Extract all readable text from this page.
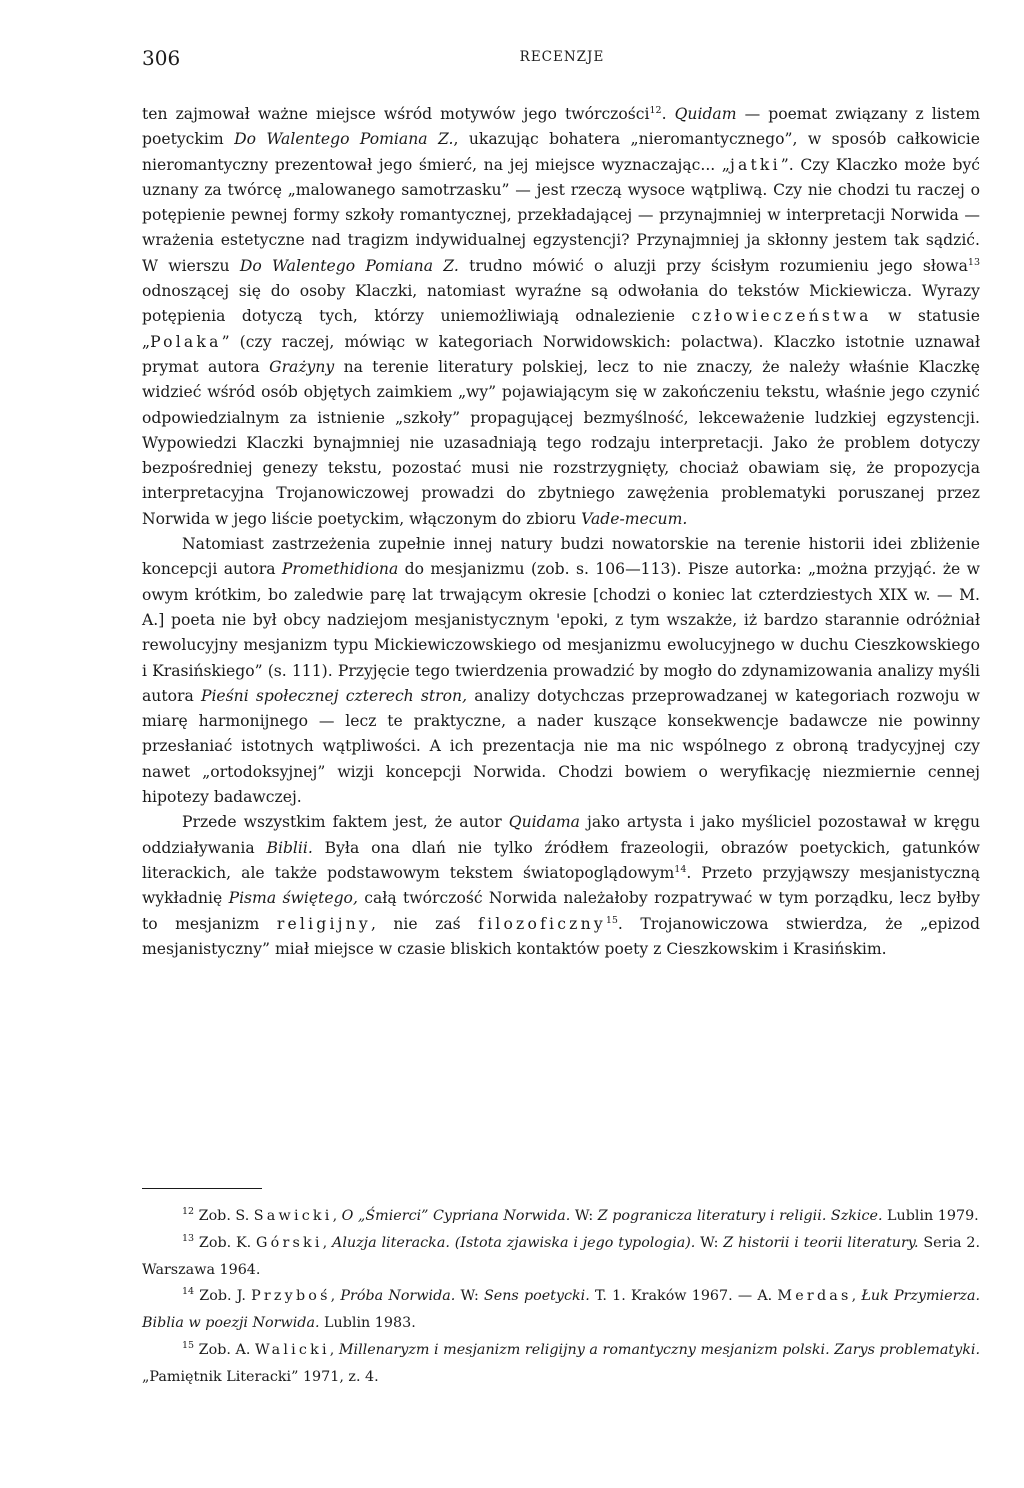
306	RECENZJE

ten zajmował ważne miejsce wśród motywów jego twórczości$^{12}$. Quidam — poemat związany z listem poetyckim Do Walentego Pomiana Z., ukazując bohatera „nieromantycznego”, w sposób całkowicie nieromantyczny prezentował jego śmierć, na jej miejsce wyznaczając... „jatki”. Czy Klaczko może być uznany za twórcę „malowanego samotrzasku” — jest rzeczą wysoce wątpliwą. Czy nie chodzi tu raczej o potępienie pewnej formy szkoły romantycznej, przekładającej — przynajmniej w interpretacji Norwida — wrażenia estetyczne nad tragizm indywidualnej egzystencji? Przynajmniej ja skłonny jestem tak sądzić. W wierszu Do Walentego Pomiana Z. trudno mówić o aluzji przy ścisłym rozumieniu jego słowa$^{13}$ odnoszącej się do osoby Klaczki, natomiast wyraźne są odwołania do tekstów Mickiewicza. Wyrazy potępienia dotyczą tych, którzy uniemożliwiają odnalezienie człowieczeństwa w statusie „Polaka” (czy raczej, mówiąc w kategoriach Norwidowskich: polactwa). Klaczko istotnie uznawał prymat autora Grażyny na terenie literatury polskiej, lecz to nie znaczy, że należy właśnie Klaczkę widzieć wśród osób objętych zaimkiem „wy” pojawiającym się w zakończeniu tekstu, właśnie jego czynić odpowiedzialnym za istnienie „szkoły” propagującej bezmyślność, lekceważenie ludzkiej egzystencji. Wypowiedzi Klaczki bynajmniej nie uzasadniają tego rodzaju interpretacji. Jako że problem dotyczy bezpośredniej genezy tekstu, pozostać musi nie rozstrzygnięty, chociaż obawiam się, że propozycja interpretacyjna Trojanowiczowej prowadzi do zbytniego zawężenia problematyki poruszanej przez Norwida w jego liście poetyckim, włączonym do zbioru Vade-mecum.

Natomiast zastrzeżenia zupełnie innej natury budzi nowatorskie na terenie historii idei zbliżenie koncepcji autora Promethidiona do mesjanizmu (zob. s. 106—113). Pisze autorka: „można przyjąć. że w owym krótkim, bo zaledwie parę lat trwającym okresie [chodzi o koniec lat czterdziestych XIX w. — M. A.] poeta nie był obcy nadziejom mesjanistycznym 'epoki, z tym wszakże, iż bardzo starannie odróżniał rewolucyjny mesjanizm typu Mickiewiczowskiego od mesjanizmu ewolucyjnego w duchu Cieszkowskiego i Krasińskiego” (s. 111). Przyjęcie tego twierdzenia prowadzić by mogło do zdynamizowania analizy myśli autora Pieśni społecznej czterech stron, analizy dotychczas przeprowadzanej w kategoriach rozwoju w miarę harmonijnego — lecz te praktyczne, a nader kuszące konsekwencje badawcze nie powinny przesłaniać istotnych wątpliwości. A ich prezentacja nie ma nic wspólnego z obroną tradycyjnej czy nawet „ortodoksyjnej” wizji koncepcji Norwida. Chodzi bowiem o weryfikację niezmiernie cennej hipotezy badawczej.

Przede wszystkim faktem jest, że autor Quidama jako artysta i jako myśliciel pozostawał w kręgu oddziaływania Biblii. Była ona dlań nie tylko źródłem frazeologii, obrazów poetyckich, gatunków literackich, ale także podstawowym tekstem światopoglądowym$^{14}$. Przeto przyjąwszy mesjanistyczną wykładnię Pisma świętego, całą twórczość Norwida należałoby rozpatrywać w tym porządku, lecz byłby to mesjanizm religijny, nie zaś filozoficzny$^{15}$. Trojanowiczowa stwierdza, że „epizod mesjanistyczny” miał miejsce w czasie bliskich kontaktów poety z Cieszkowskim i Krasińskim.

$^{12}$ Zob. S. Sawicki, O „Śmierci” Cypriana Norwida. W: Z pogranicza literatury i religii. Szkice. Lublin 1979.

$^{13}$ Zob. K. Górski, Aluzja literacka. (Istota zjawiska i jego typologia). W: Z historii i teorii literatury. Seria 2. Warszawa 1964.

$^{14}$ Zob. J. Przyboś, Próba Norwida. W: Sens poetycki. T. 1. Kraków 1967. — A. Merdas, Łuk Przymierza. Biblia w poezji Norwida. Lublin 1983.

$^{15}$ Zob. A. Walicki, Millenaryzm i mesjanizm religijny a romantyczny mesjanizm polski. Zarys problematyki. „Pamiętnik Literacki” 1971, z. 4.
